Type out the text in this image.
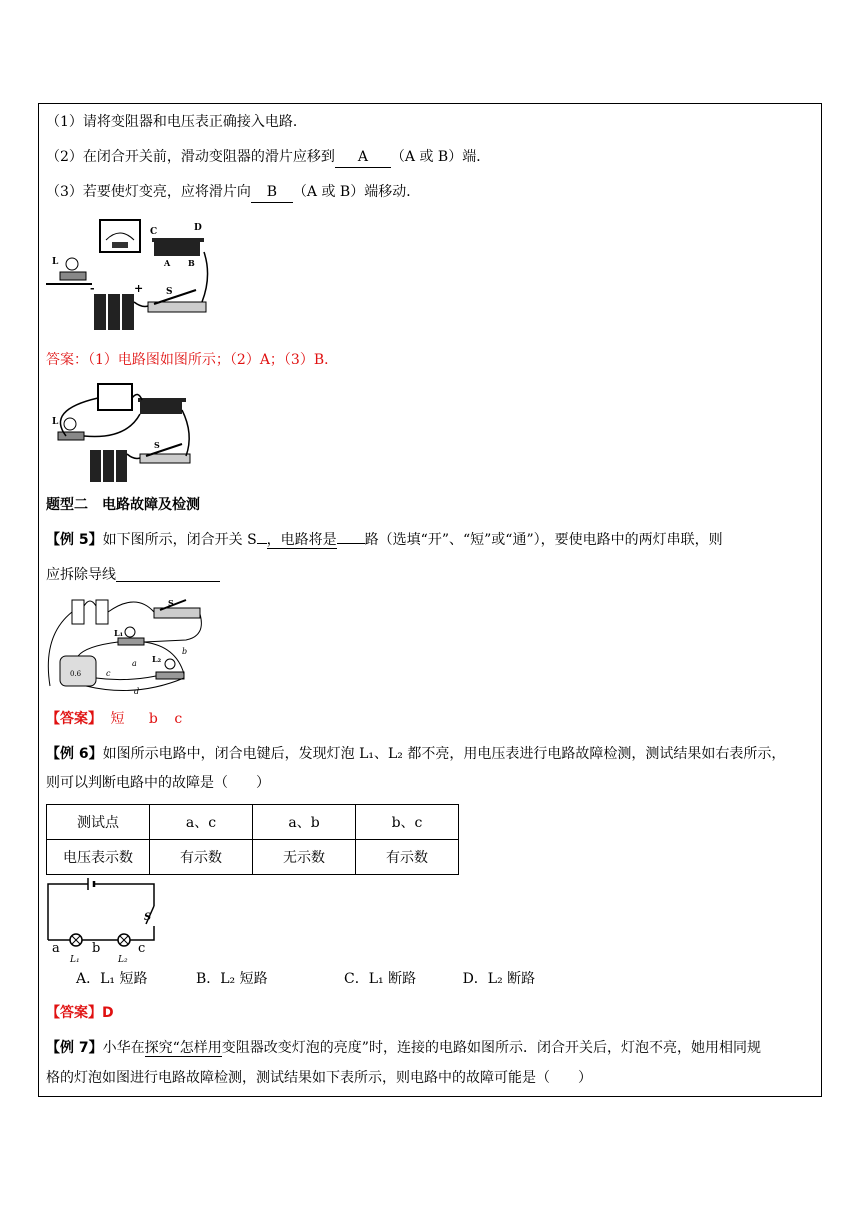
（1）请将变阻器和电压表正确接入电路．
（2）在闭合开关前，滑动变阻器的滑片应移到 A （A 或 B）端．
（3）若要使灯变亮，应将滑片向 B （A 或 B）端移动．
C	D
A B
L
-	+	S
答案：（1）电路图如图所示；（2）A；（3）B．
L
S
题型二　电路故障及检测
【例 5】如下图所示，闭合开关 S ，电路将是 路（选填“开”、“短”或“通”），要使电路中的两灯串联，则
应拆除导线
S
L₁
L₂
0.6
a
b
c
d
【答案】 短 b c
【例 6】如图所示电路中，闭合电键后，发现灯泡 L₁、L₂ 都不亮，用电压表进行电路故障检测，测试结果如右表所示，
则可以判断电路中的故障是（　　）
测试点	a、c	a、b	b、c
电压表示数	有示数	无示数	有示数
S
a b	c
L₁	L₂
A．L₁ 短路	B．L₂ 短路	C．L₁ 断路	D．L₂ 断路
【答案】D
【例 7】小华在探究“怎样用变阻器改变灯泡的亮度”时，连接的电路如图所示．闭合开关后，灯泡不亮，她用相同规
格的灯泡如图进行电路故障检测，测试结果如下表所示，则电路中的故障可能是（　　）
